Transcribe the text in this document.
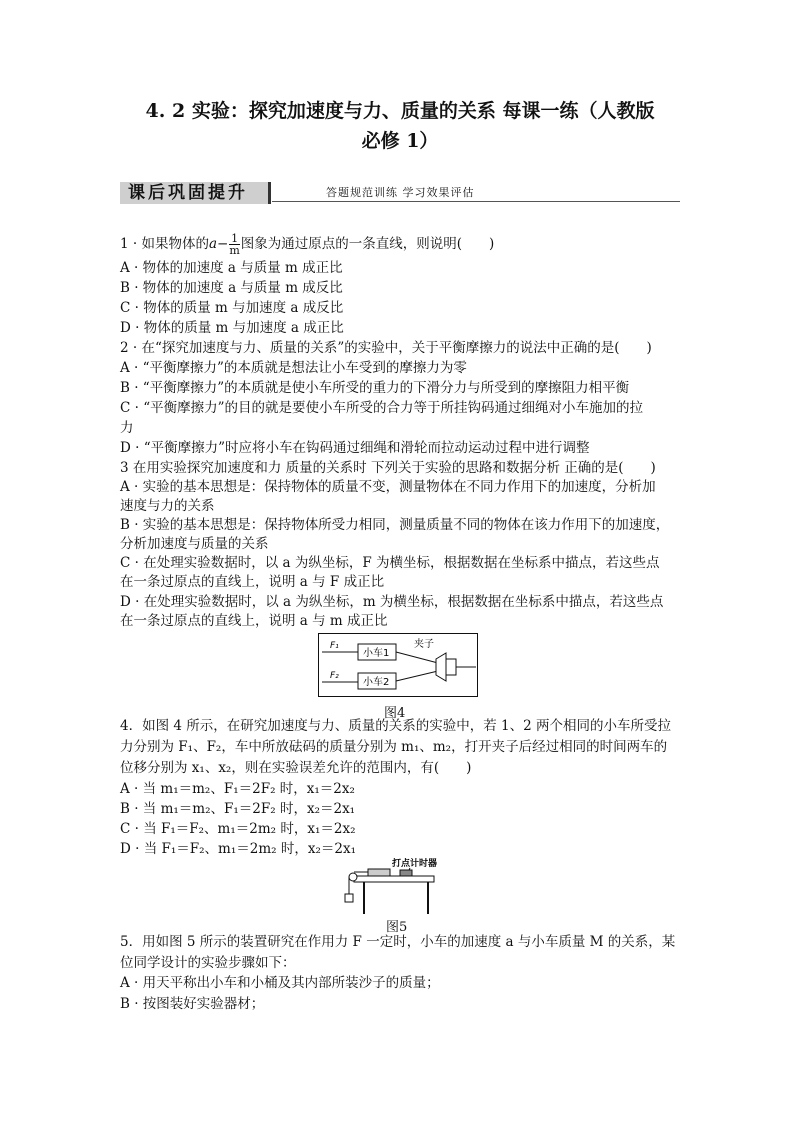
4. 2 实验：探究加速度与力、质量的关系 每课一练（人教版
必修 1）
课后巩固提升	答题规范训练 学习效果评估
1 · 如果物体的$a- \frac{1}{m}$ 图象为通过原点的一条直线，则说明(　　)
A · 物体的加速度 a 与质量 m 成正比
B · 物体的加速度 a 与质量 m 成反比
C · 物体的质量 m 与加速度 a 成反比
D · 物体的质量 m 与加速度 a 成正比
2 · 在“探究加速度与力、质量的关系”的实验中，关于平衡摩擦力的说法中正确的是(　　)
A · “平衡摩擦力”的本质就是想法让小车受到的摩擦力为零
B · “平衡摩擦力”的本质就是使小车所受的重力的下滑分力与所受到的摩擦阻力相平衡
C · “平衡摩擦力”的目的就是要使小车所受的合力等于所挂钩码通过细绳对小车施加的拉
力
D · “平衡摩擦力”时应将小车在钩码通过细绳和滑轮而拉动运动过程中进行调整
3 在用实验探究加速度和力 质量的关系时 下列关于实验的思路和数据分析 正确的是(　　)
A · 实验的基本思想是：保持物体的质量不变，测量物体在不同力作用下的加速度，分析加
速度与力的关系
B · 实验的基本思想是：保持物体所受力相同，测量质量不同的物体在该力作用下的加速度，
分析加速度与质量的关系
C · 在处理实验数据时，以 a 为纵坐标，F 为横坐标，根据数据在坐标系中描点，若这些点
在一条过原点的直线上，说明 a 与 F 成正比
D · 在处理实验数据时，以 a 为纵坐标，m 为横坐标，根据数据在坐标系中描点，若这些点
在一条过原点的直线上，说明 a 与 m 成正比
F₁
F₂
小车1
小车2
夹子
图4
4．如图 4 所示，在研究加速度与力、质量的关系的实验中，若 1、2 两个相同的小车所受拉
力分别为 F₁、F₂，车中所放砝码的质量分别为 m₁、m₂，打开夹子后经过相同的时间两车的
位移分别为 x₁、x₂，则在实验误差允许的范围内，有(　　)
A · 当 m₁＝m₂、F₁＝2F₂ 时，x₁＝2x₂
B · 当 m₁＝m₂、F₁＝2F₂ 时，x₂＝2x₁
C · 当 F₁＝F₂、m₁＝2m₂ 时，x₁＝2x₂
D · 当 F₁＝F₂、m₁＝2m₂ 时，x₂＝2x₁
打点计时器
图5
5．用如图 5 所示的装置研究在作用力 F 一定时，小车的加速度 a 与小车质量 M 的关系，某
位同学设计的实验步骤如下：
A · 用天平称出小车和小桶及其内部所装沙子的质量；
B · 按图装好实验器材；
